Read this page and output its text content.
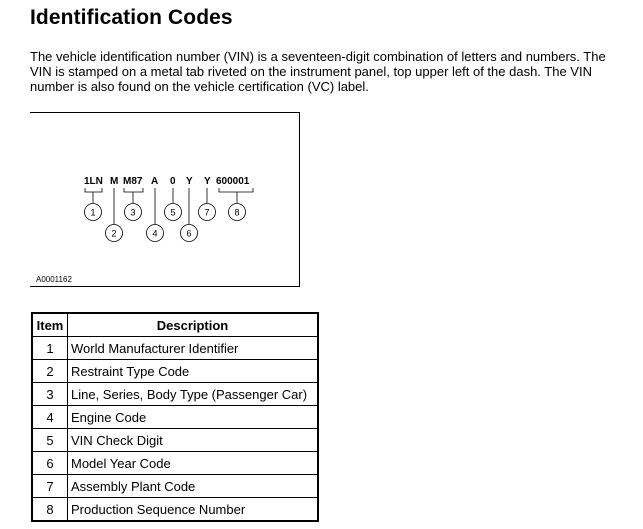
Identification Codes
The vehicle identification number (VIN) is a seventeen-digit combination of letters and numbers. The VIN is stamped on a metal tab riveted on the instrument panel, top upper left of the dash. The VIN number is also found on the vehicle certification (VC) label.
1LN M M87 A 0 Y Y 600001
1
2
3
4
5
6
7	8
A0001162
Item	Description
1	World Manufacturer Identifier
2	Restraint Type Code
3	Line, Series, Body Type (Passenger Car)
4	Engine Code
5	VIN Check Digit
6	Model Year Code
7	Assembly Plant Code
8	Production Sequence Number
